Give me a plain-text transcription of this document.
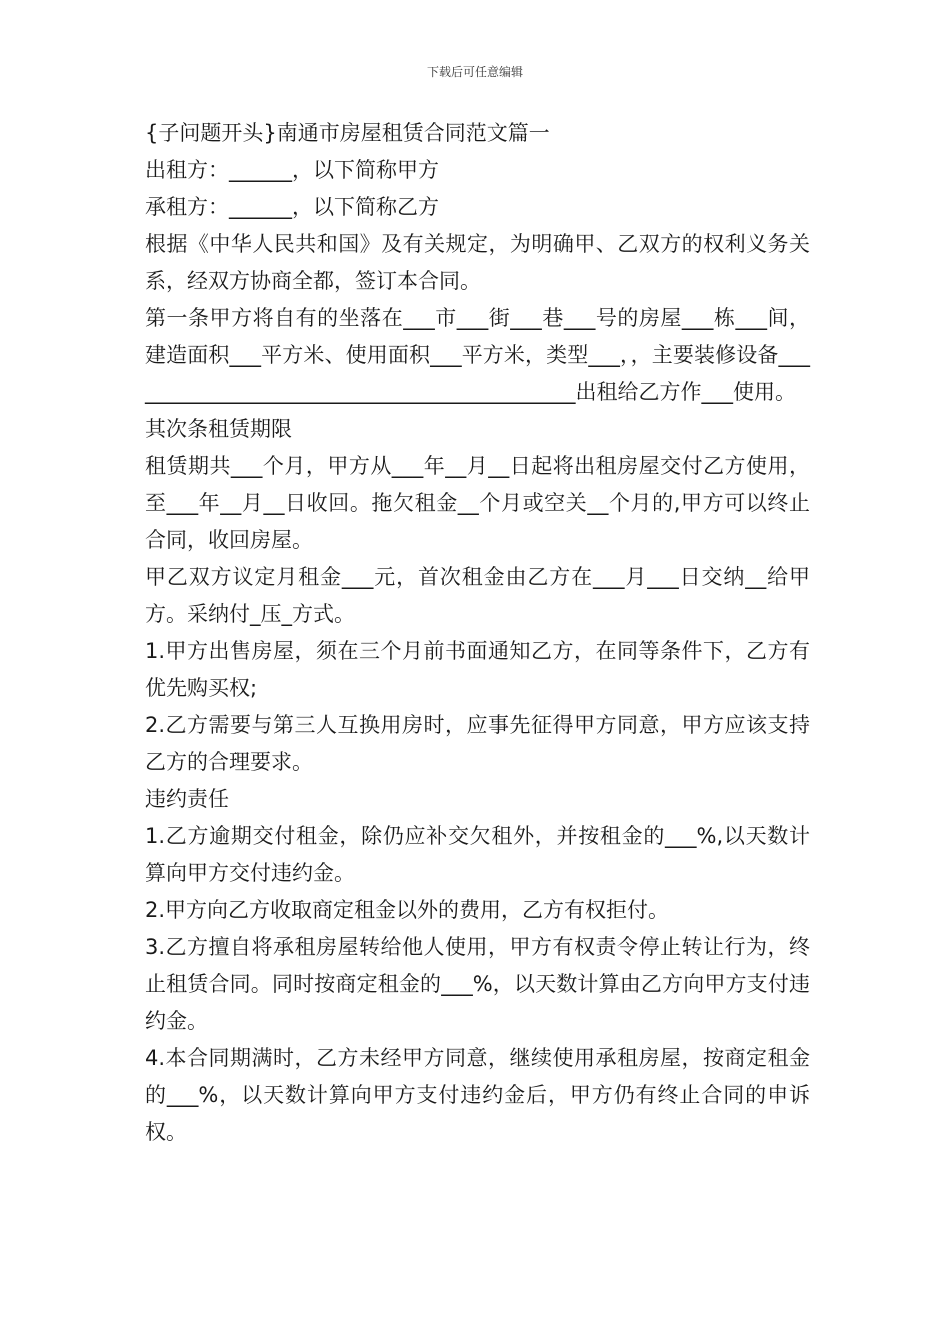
下载后可任意编辑

{子问题开头}南通市房屋租赁合同范文篇一

出租方：______，以下简称甲方

承租方：______，以下简称乙方

根据《中华人民共和国》及有关规定，为明确甲、乙双方的权利义务关系，经双方协商全都，签订本合同。

第一条甲方将自有的坐落在___市___街___巷___号的房屋___栋___间，建造面积___平方米、使用面积___平方米，类型___，，主要装修设备____________________________________________出租给乙方作___使用。

其次条租赁期限

租赁期共___个月，甲方从___年__月__日起将出租房屋交付乙方使用，至___年__月__日收回。拖欠租金__个月或空关__个月的,甲方可以终止合同，收回房屋。

甲乙双方议定月租金___元，首次租金由乙方在___月___日交纳__给甲方。采纳付_压_方式。

1.甲方出售房屋，须在三个月前书面通知乙方，在同等条件下，乙方有优先购买权;

2.乙方需要与第三人互换用房时，应事先征得甲方同意，甲方应该支持乙方的合理要求。

违约责任

1.乙方逾期交付租金，除仍应补交欠租外，并按租金的___%,以天数计算向甲方交付违约金。

2.甲方向乙方收取商定租金以外的费用，乙方有权拒付。

3.乙方擅自将承租房屋转给他人使用，甲方有权责令停止转让行为，终止租赁合同。同时按商定租金的___%，以天数计算由乙方向甲方支付违约金。

4.本合同期满时，乙方未经甲方同意，继续使用承租房屋，按商定租金的___%，以天数计算向甲方支付违约金后，甲方仍有终止合同的申诉权。
